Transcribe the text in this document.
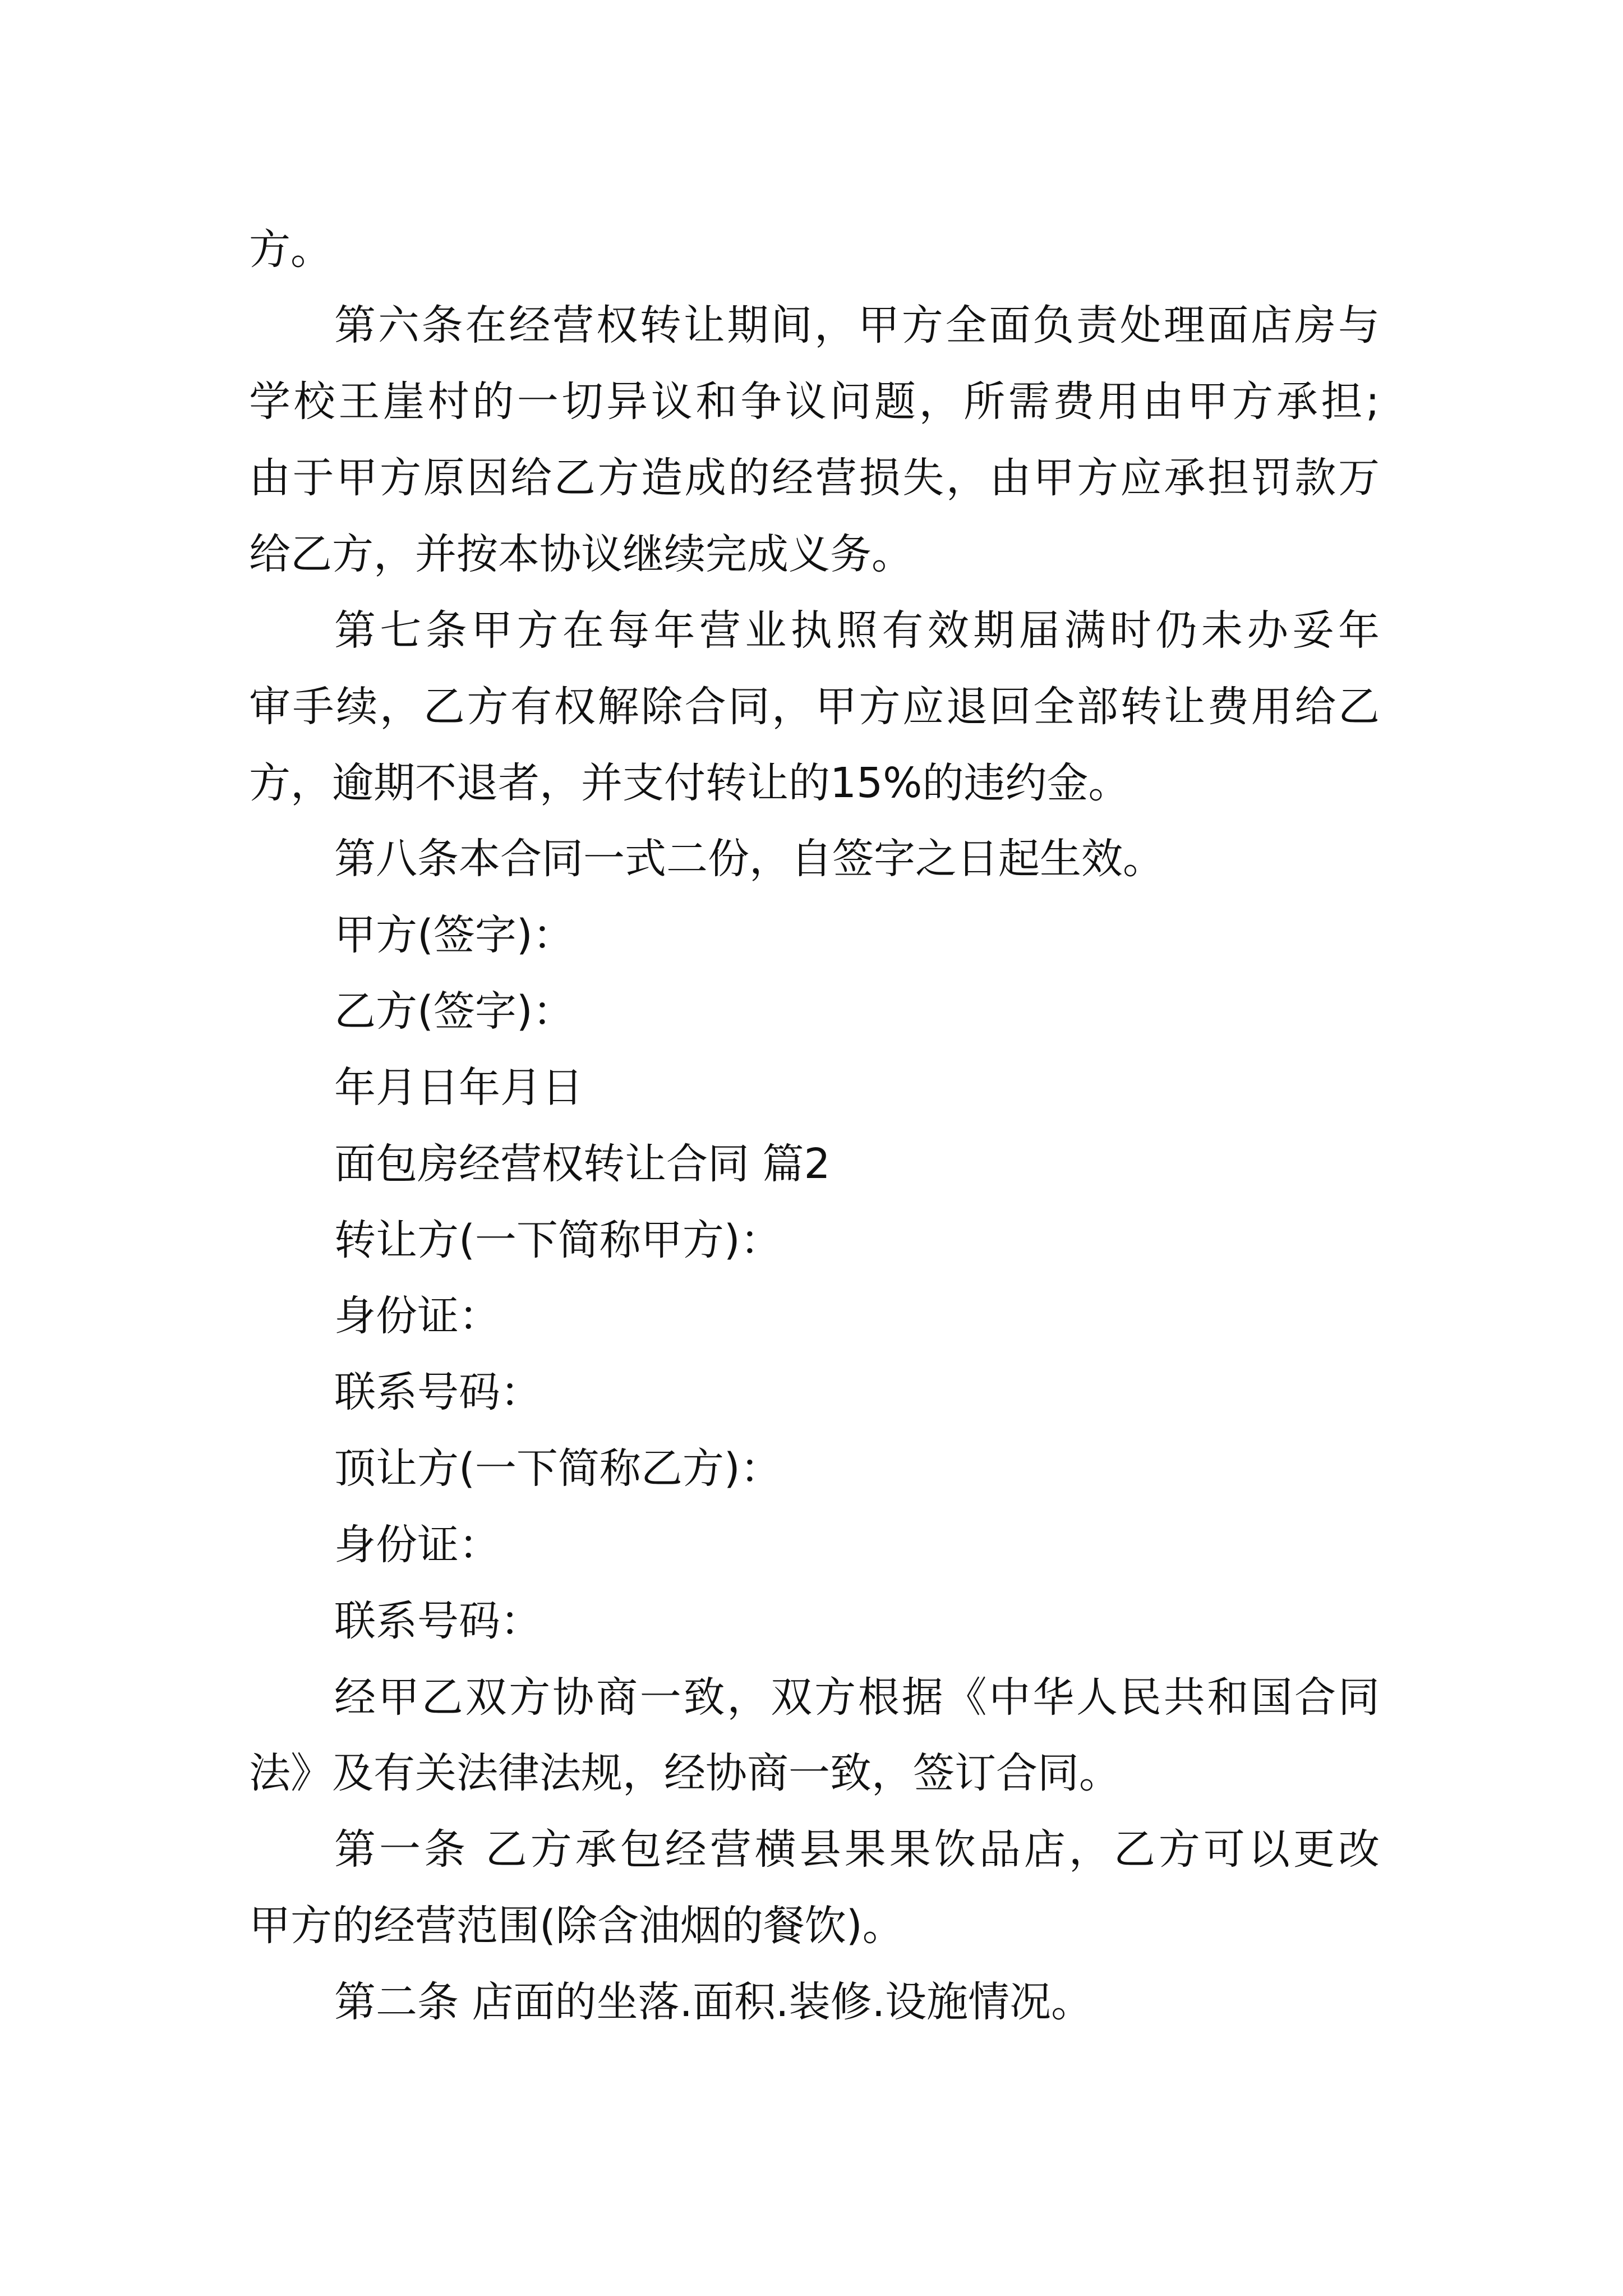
方。
第六条在经营权转让期间，甲方全面负责处理面店房与
学校王崖村的一切异议和争议问题，所需费用由甲方承担;
由于甲方原因给乙方造成的经营损失，由甲方应承担罚款万
给乙方，并按本协议继续完成义务。
第七条甲方在每年营业执照有效期届满时仍未办妥年
审手续，乙方有权解除合同，甲方应退回全部转让费用给乙
方，逾期不退者，并支付转让的15%的违约金。
第八条本合同一式二份，自签字之日起生效。
甲方(签字)：
乙方(签字)：
年月日年月日
面包房经营权转让合同 篇2
转让方(一下简称甲方)：
身份证：
联系号码：
顶让方(一下简称乙方)：
身份证：
联系号码：
经甲乙双方协商一致，双方根据《中华人民共和国合同
法》及有关法律法规，经协商一致，签订合同。
第一条 乙方承包经营横县果果饮品店，乙方可以更改
甲方的经营范围(除含油烟的餐饮)。
第二条 店面的坐落.面积.装修.设施情况。
